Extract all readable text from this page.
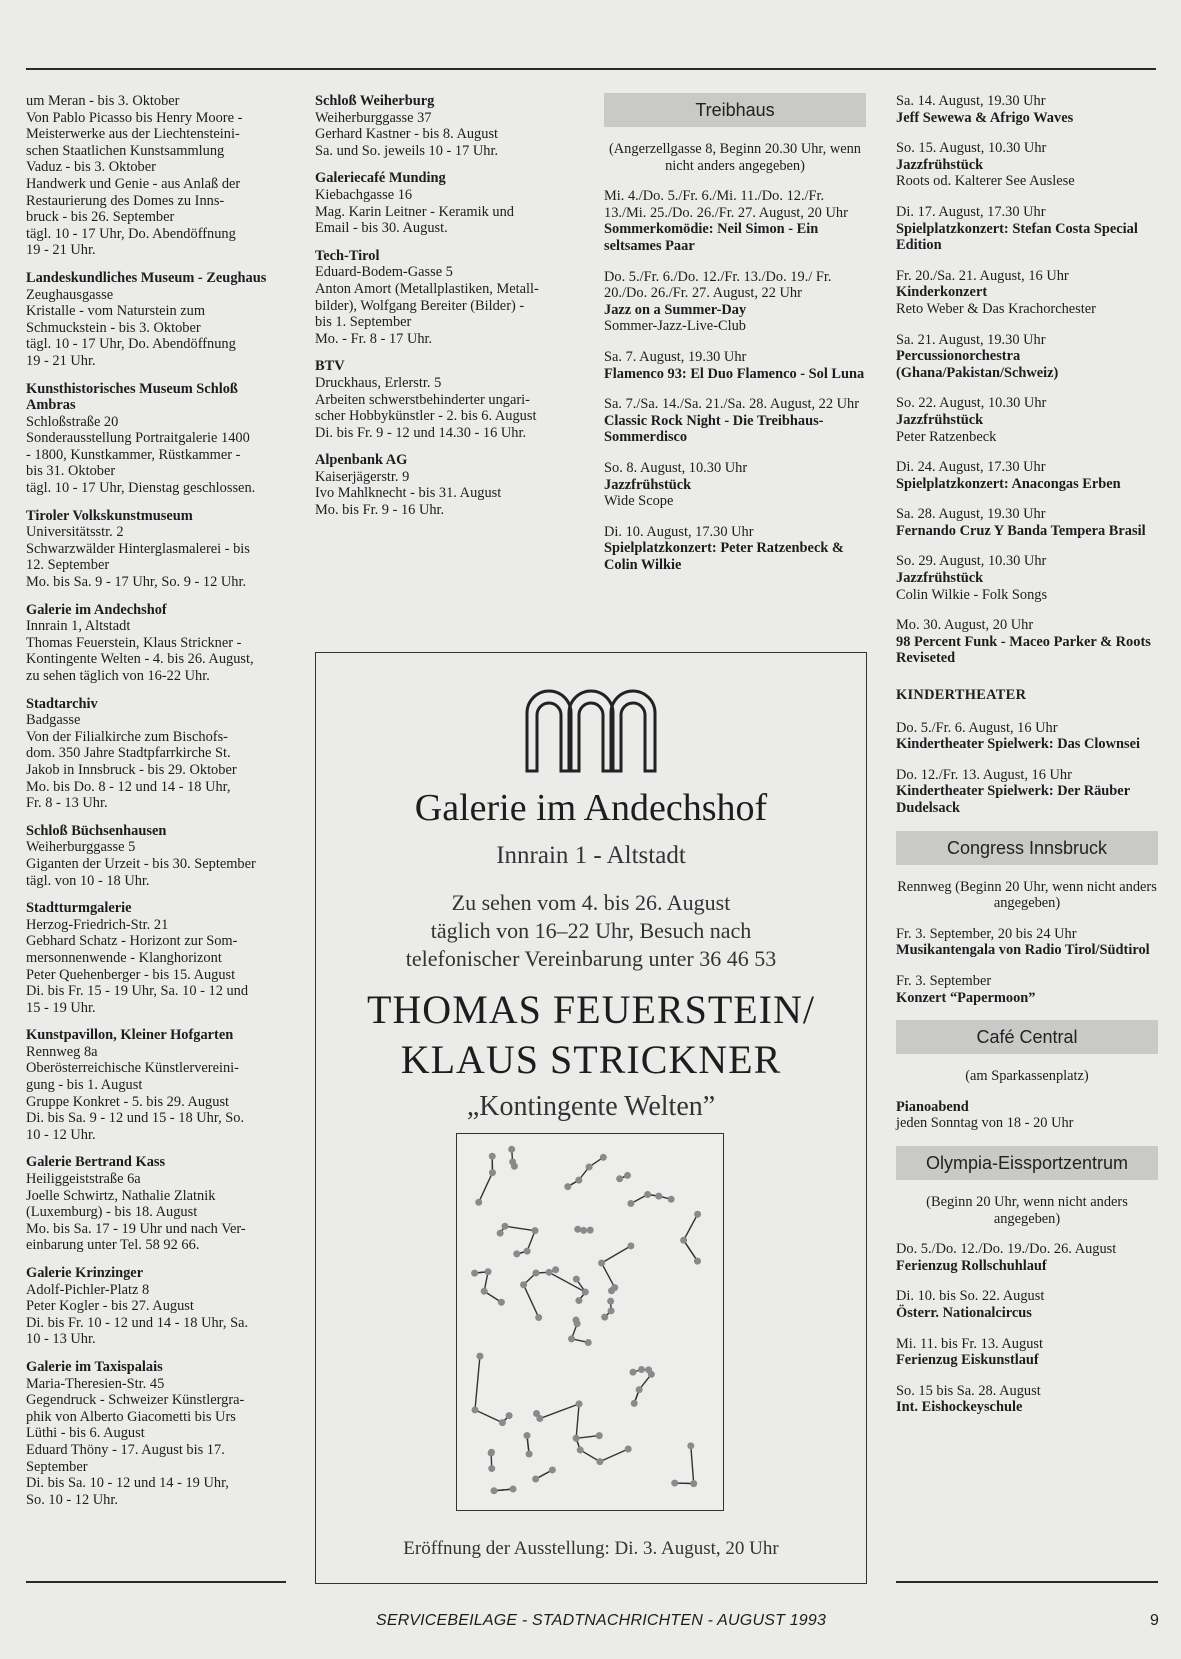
um Meran - bis 3. Oktober
Von Pablo Picasso bis Henry Moore -
Meisterwerke aus der Liechtensteini-
schen Staatlichen Kunstsammlung
Vaduz - bis 3. Oktober
Handwerk und Genie - aus Anlaß der
Restaurierung des Domes zu Inns-
bruck - bis 26. September
tägl. 10 - 17 Uhr, Do. Abendöffnung
19 - 21 Uhr.
Landeskundliches Museum - Zeughaus
Zeughausgasse
Kristalle - vom Naturstein zum
Schmuckstein - bis 3. Oktober
tägl. 10 - 17 Uhr, Do. Abendöffnung
19 - 21 Uhr.
Kunsthistorisches Museum Schloß Ambras
Schloßstraße 20
Sonderausstellung Portraitgalerie 1400
- 1800, Kunstkammer, Rüstkammer -
bis 31. Oktober
tägl. 10 - 17 Uhr, Dienstag geschlossen.
Tiroler Volkskunstmuseum
Universitätsstr. 2
Schwarzwälder Hinterglasmalerei - bis
12. September
Mo. bis Sa. 9 - 17 Uhr, So. 9 - 12 Uhr.
Galerie im Andechshof
Innrain 1, Altstadt
Thomas Feuerstein, Klaus Strickner -
Kontingente Welten - 4. bis 26. August,
zu sehen täglich von 16-22 Uhr.
Stadtarchiv
Badgasse
Von der Filialkirche zum Bischofs-
dom. 350 Jahre Stadtpfarrkirche St.
Jakob in Innsbruck - bis 29. Oktober
Mo. bis Do. 8 - 12 und 14 - 18 Uhr,
Fr. 8 - 13 Uhr.
Schloß Büchsenhausen
Weiherburggasse 5
Giganten der Urzeit - bis 30. September
tägl. von 10 - 18 Uhr.
Stadtturmgalerie
Herzog-Friedrich-Str. 21
Gebhard Schatz - Horizont zur Som-
mersonnenwende - Klanghorizont
Peter Quehenberger - bis 15. August
Di. bis Fr. 15 - 19 Uhr, Sa. 10 - 12 und
15 - 19 Uhr.
Kunstpavillon, Kleiner Hofgarten
Rennweg 8a
Oberösterreichische Künstlervereini-
gung - bis 1. August
Gruppe Konkret - 5. bis 29. August
Di. bis Sa. 9 - 12 und 15 - 18 Uhr, So.
10 - 12 Uhr.
Galerie Bertrand Kass
Heiliggeiststraße 6a
Joelle Schwirtz, Nathalie Zlatnik
(Luxemburg) - bis 18. August
Mo. bis Sa. 17 - 19 Uhr und nach Ver-
einbarung unter Tel. 58 92 66.
Galerie Krinzinger
Adolf-Pichler-Platz 8
Peter Kogler - bis 27. August
Di. bis Fr. 10 - 12 und 14 - 18 Uhr, Sa.
10 - 13 Uhr.
Galerie im Taxispalais
Maria-Theresien-Str. 45
Gegendruck - Schweizer Künstlergra-
phik von Alberto Giacometti bis Urs
Lüthi - bis 6. August
Eduard Thöny - 17. August bis 17.
September
Di. bis Sa. 10 - 12 und 14 - 19 Uhr,
So. 10 - 12 Uhr.
Schloß Weiherburg
Weiherburggasse 37
Gerhard Kastner - bis 8. August
Sa. und So. jeweils 10 - 17 Uhr.
Galeriecafé Munding
Kiebachgasse 16
Mag. Karin Leitner - Keramik und
Email - bis 30. August.
Tech-Tirol
Eduard-Bodem-Gasse 5
Anton Amort (Metallplastiken, Metall-
bilder), Wolfgang Bereiter (Bilder) -
bis 1. September
Mo. - Fr. 8 - 17 Uhr.
BTV
Druckhaus, Erlerstr. 5
Arbeiten schwerstbehinderter ungari-
scher Hobbykünstler - 2. bis 6. August
Di. bis Fr. 9 - 12 und 14.30 - 16 Uhr.
Alpenbank AG
Kaiserjägerstr. 9
Ivo Mahlknecht - bis 31. August
Mo. bis Fr. 9 - 16 Uhr.
Treibhaus
(Angerzellgasse 8, Beginn 20.30 Uhr, wenn nicht anders angegeben)
Mi. 4./Do. 5./Fr. 6./Mi. 11./Do. 12./Fr. 13./Mi. 25./Do. 26./Fr. 27. August, 20 Uhr
Sommerkomödie: Neil Simon - Ein seltsames Paar
Do. 5./Fr. 6./Do. 12./Fr. 13./Do. 19./ Fr. 20./Do. 26./Fr. 27. August, 22 Uhr
Jazz on a Summer-Day
Sommer-Jazz-Live-Club
Sa. 7. August, 19.30 Uhr
Flamenco 93: El Duo Flamenco - Sol Luna
Sa. 7./Sa. 14./Sa. 21./Sa. 28. August, 22 Uhr
Classic Rock Night - Die Treibhaus-Sommerdisco
So. 8. August, 10.30 Uhr
Jazzfrühstück
Wide Scope
Di. 10. August, 17.30 Uhr
Spielplatzkonzert: Peter Ratzenbeck & Colin Wilkie
Sa. 14. August, 19.30 Uhr
Jeff Sewewa & Afrigo Waves
So. 15. August, 10.30 Uhr
Jazzfrühstück
Roots od. Kalterer See Auslese
Di. 17. August, 17.30 Uhr
Spielplatzkonzert: Stefan Costa Special Edition
Fr. 20./Sa. 21. August, 16 Uhr
Kinderkonzert
Reto Weber & Das Krachorchester
Sa. 21. August, 19.30 Uhr
Percussionorchestra (Ghana/Pakistan/Schweiz)
So. 22. August, 10.30 Uhr
Jazzfrühstück
Peter Ratzenbeck
Di. 24. August, 17.30 Uhr
Spielplatzkonzert: Anacongas Erben
Sa. 28. August, 19.30 Uhr
Fernando Cruz Y Banda Tempera Brasil
So. 29. August, 10.30 Uhr
Jazzfrühstück
Colin Wilkie - Folk Songs
Mo. 30. August, 20 Uhr
98 Percent Funk - Maceo Parker & Roots Reviseted
KINDERTHEATER
Do. 5./Fr. 6. August, 16 Uhr
Kindertheater Spielwerk: Das Clownsei
Do. 12./Fr. 13. August, 16 Uhr
Kindertheater Spielwerk: Der Räuber Dudelsack
Congress Innsbruck
Rennweg (Beginn 20 Uhr, wenn nicht anders angegeben)
Fr. 3. September, 20 bis 24 Uhr
Musikantengala von Radio Tirol/Südtirol
Fr. 3. September
Konzert “Papermoon”
Café Central
(am Sparkassenplatz)
Pianoabend
jeden Sonntag von 18 - 20 Uhr
Olympia-Eissportzentrum
(Beginn 20 Uhr, wenn nicht anders angegeben)
Do. 5./Do. 12./Do. 19./Do. 26. August
Ferienzug Rollschuhlauf
Di. 10. bis So. 22. August
Österr. Nationalcircus
Mi. 11. bis Fr. 13. August
Ferienzug Eiskunstlauf
So. 15 bis Sa. 28. August
Int. Eishockeyschule
Galerie im Andechshof
Innrain 1 - Altstadt
Zu sehen vom 4. bis 26. August
täglich von 16–22 Uhr, Besuch nach
telefonischer Vereinbarung unter 36 46 53
THOMAS FEUERSTEIN/
KLAUS STRICKNER
„Kontingente Welten”
Eröffnung der Ausstellung: Di. 3. August, 20 Uhr
SERVICEBEILAGE - STADTNACHRICHTEN - AUGUST 1993	9
